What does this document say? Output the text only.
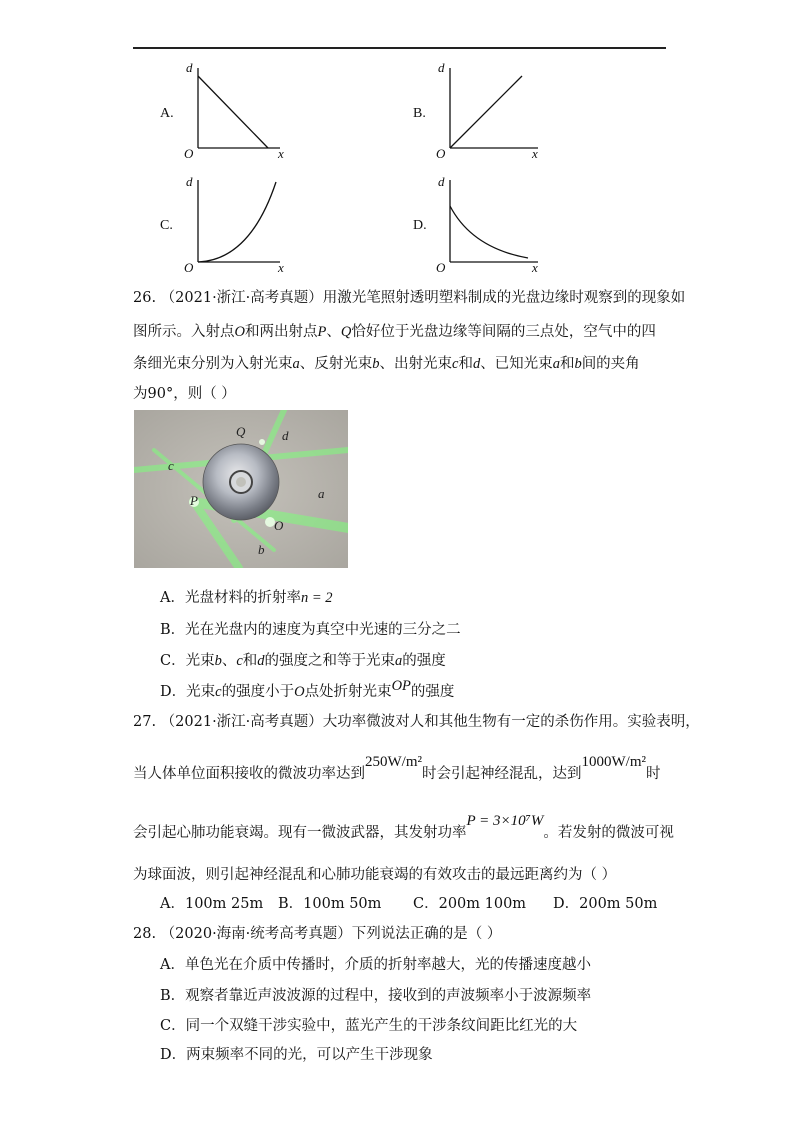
A.
d
O	x
B.
d
O	x
C.
d
O	x
D.
d
O	x
26. （2021·浙江·高考真题）用激光笔照射透明塑料制成的光盘边缘时观察到的现象如
图所示。入射点O和两出射点P、Q恰好位于光盘边缘等间隔的三点处，空气中的四
条细光束分别为入射光束a、反射光束b、出射光束c和d、已知光束a和b间的夹角
为90°，则（ ）
Q	d
c
P	a
O
b
A．光盘材料的折射率n = 2
B．光在光盘内的速度为真空中光速的三分之二
C．光束b、c和d的强度之和等于光束a的强度
D．光束c的强度小于O点处折射光束OP的强度
27. （2021·浙江·高考真题）大功率微波对人和其他生物有一定的杀伤作用。实验表明，
当人体单位面积接收的微波功率达到250W/m²时会引起神经混乱，达到1000W/m²时
会引起心肺功能衰竭。现有一微波武器，其发射功率P = 3×10⁷W。若发射的微波可视
为球面波，则引起神经混乱和心肺功能衰竭的有效攻击的最远距离约为（ ）
A．100m 25m B．100m 50m C．200m 100m D．200m 50m
28. （2020·海南·统考高考真题）下列说法正确的是（ ）
A．单色光在介质中传播时，介质的折射率越大，光的传播速度越小
B．观察者靠近声波波源的过程中，接收到的声波频率小于波源频率
C．同一个双缝干涉实验中，蓝光产生的干涉条纹间距比红光的大
D．两束频率不同的光，可以产生干涉现象
